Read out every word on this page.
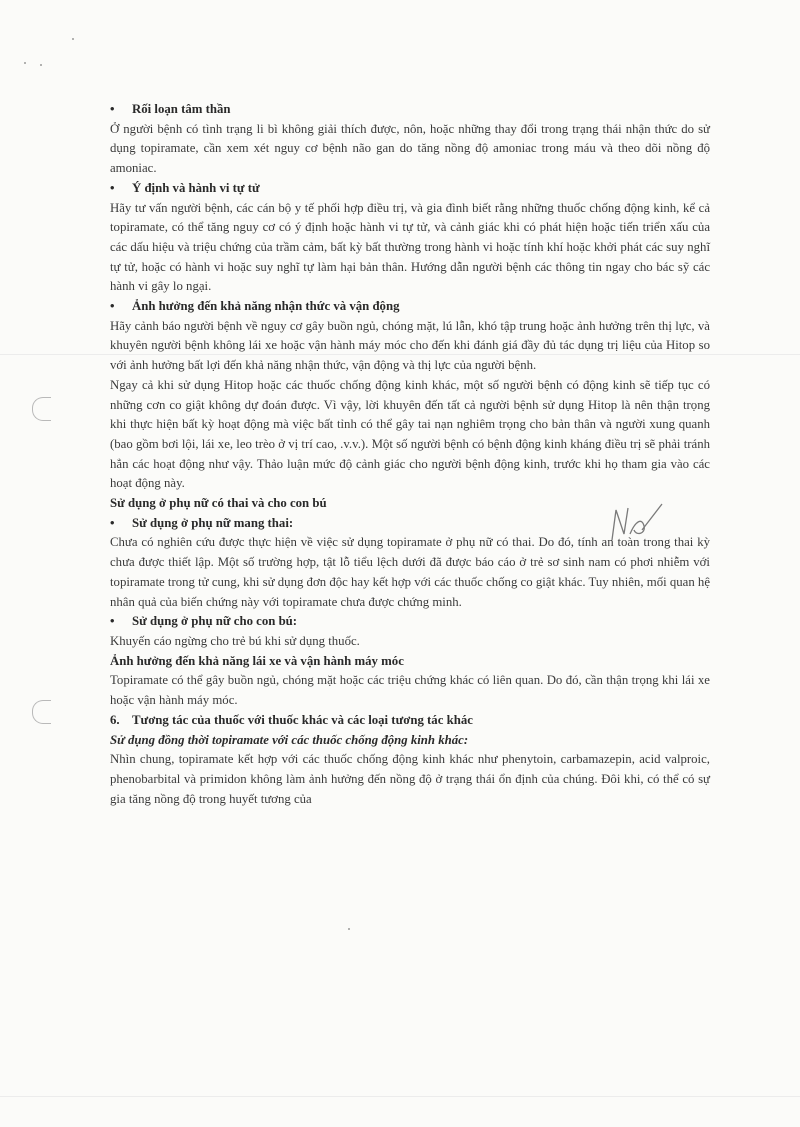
• Rối loạn tâm thần

Ở người bệnh có tình trạng li bì không giải thích được, nôn, hoặc những thay đổi trong trạng thái nhận thức do sử dụng topiramate, cần xem xét nguy cơ bệnh não gan do tăng nồng độ amoniac trong máu và theo dõi nồng độ amoniac.

• Ý định và hành vi tự tử

Hãy tư vấn người bệnh, các cán bộ y tế phối hợp điều trị, và gia đình biết rằng những thuốc chống động kinh, kể cả topiramate, có thể tăng nguy cơ có ý định hoặc hành vi tự tử, và cảnh giác khi có phát hiện hoặc tiến triển xấu của các dấu hiệu và triệu chứng của trầm cảm, bất kỳ bất thường trong hành vi hoặc tính khí hoặc khởi phát các suy nghĩ tự tử, hoặc có hành vi hoặc suy nghĩ tự làm hại bản thân. Hướng dẫn người bệnh các thông tin ngay cho bác sỹ các hành vi gây lo ngại.

• Ảnh hưởng đến khả năng nhận thức và vận động

Hãy cảnh báo người bệnh về nguy cơ gây buồn ngủ, chóng mặt, lú lẫn, khó tập trung hoặc ảnh hưởng trên thị lực, và khuyên người bệnh không lái xe hoặc vận hành máy móc cho đến khi đánh giá đầy đủ tác dụng trị liệu của Hitop so với ảnh hưởng bất lợi đến khả năng nhận thức, vận động và thị lực của người bệnh.

Ngay cả khi sử dụng Hitop hoặc các thuốc chống động kinh khác, một số người bệnh có động kinh sẽ tiếp tục có những cơn co giật không dự đoán được. Vì vậy, lời khuyên đến tất cả người bệnh sử dụng Hitop là nên thận trọng khi thực hiện bất kỳ hoạt động mà việc bất tỉnh có thể gây tai nạn nghiêm trọng cho bản thân và người xung quanh (bao gồm bơi lội, lái xe, leo trèo ở vị trí cao, .v.v.). Một số người bệnh có bệnh động kinh kháng điều trị sẽ phải tránh hẳn các hoạt động như vậy. Thảo luận mức độ cảnh giác cho người bệnh động kinh, trước khi họ tham gia vào các hoạt động này.

Sử dụng ở phụ nữ có thai và cho con bú

• Sử dụng ở phụ nữ mang thai:

Chưa có nghiên cứu được thực hiện về việc sử dụng topiramate ở phụ nữ có thai. Do đó, tính an toàn trong thai kỳ chưa được thiết lập. Một số trường hợp, tật lỗ tiểu lệch dưới đã được báo cáo ở trẻ sơ sinh nam có phơi nhiễm với topiramate trong tử cung, khi sử dụng đơn độc hay kết hợp với các thuốc chống co giật khác. Tuy nhiên, mối quan hệ nhân quả của biến chứng này với topiramate chưa được chứng minh.

• Sử dụng ở phụ nữ cho con bú:

Khuyến cáo ngừng cho trẻ bú khi sử dụng thuốc.

Ảnh hưởng đến khả năng lái xe và vận hành máy móc

Topiramate có thể gây buồn ngủ, chóng mặt hoặc các triệu chứng khác có liên quan. Do đó, cần thận trọng khi lái xe hoặc vận hành máy móc.

6. Tương tác của thuốc với thuốc khác và các loại tương tác khác

Sử dụng đồng thời topiramate với các thuốc chống động kinh khác:

Nhìn chung, topiramate kết hợp với các thuốc chống động kinh khác như phenytoin, carbamazepin, acid valproic, phenobarbital và primidon không làm ảnh hưởng đến nồng độ ở trạng thái ổn định của chúng. Đôi khi, có thể có sự gia tăng nồng độ trong huyết tương của
